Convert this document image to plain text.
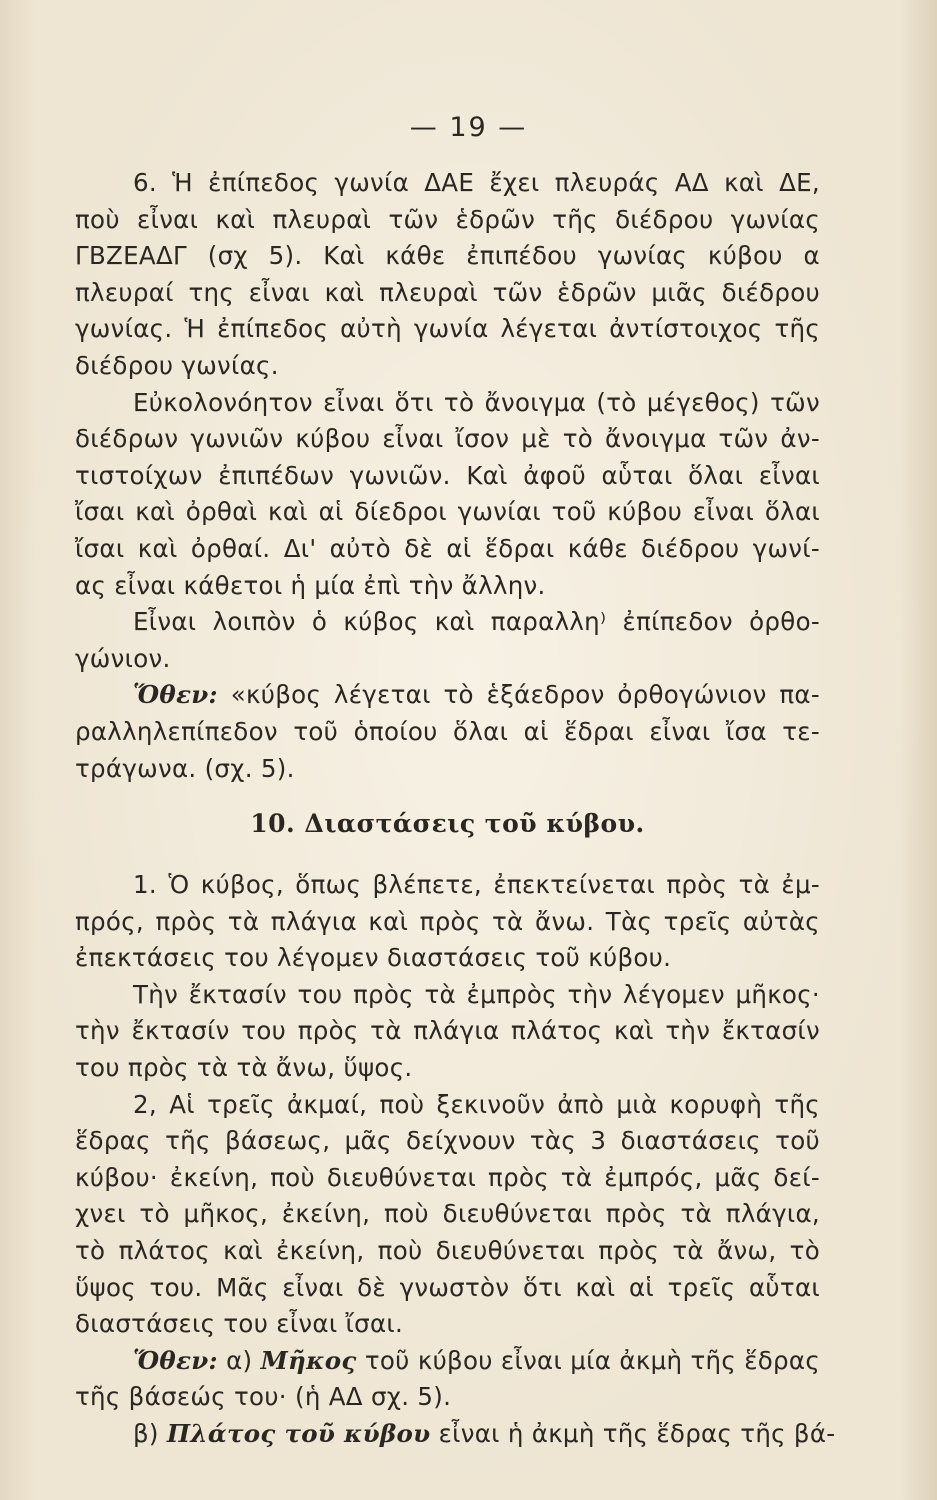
— 19 —
6. Ἡ ἐπίπεδος γωνία ΔΑΕ ἔχει πλευράς ΑΔ καὶ ΔΕ,
ποὺ εἶναι καὶ πλευραὶ τῶν ἑδρῶν τῆς διέδρου γωνίας
ΓΒΖΕΑΔΓ (σχ 5). Καὶ κάθε ἐπιπέδου γωνίας κύβου α
πλευραί της εἶναι καὶ πλευραὶ τῶν ἑδρῶν μιᾶς διέδρου
γωνίας. Ἡ ἐπίπεδος αὐτὴ γωνία λέγεται ἀντίστοιχος τῆς
διέδρου γωνίας.
Εὐκολονόητον εἶναι ὅτι τὸ ἄνοιγμα (τὸ μέγεθος) τῶν
διέδρων γωνιῶν κύβου εἶναι ἴσον μὲ τὸ ἄνοιγμα τῶν ἀν-
τιστοίχων ἐπιπέδων γωνιῶν. Καὶ ἀφοῦ αὗται ὅλαι εἶναι
ἴσαι καὶ ὀρθαὶ καὶ αἱ δίεδροι γωνίαι τοῦ κύβου εἶναι ὅλαι
ἴσαι καὶ ὀρθαί. Δι' αὐτὸ δὲ αἱ ἕδραι κάθε διέδρου γωνί-
ας εἶναι κάθετοι ἡ μία ἐπὶ τὴν ἄλλην.
Εἶναι λοιπὸν ὁ κύβος καὶ παραλλη⁾ ἐπίπεδον ὀρθο-
γώνιον.
Ὅθεν: «κύβος λέγεται τὸ ἑξάεδρον ὀρθογώνιον πα-
ραλληλεπίπεδον τοῦ ὁποίου ὅλαι αἱ ἕδραι εἶναι ἴσα τε-
τράγωνα. (σχ. 5).
10. Διαστάσεις τοῦ κύβου.
1. Ὁ κύβος, ὅπως βλέπετε, ἐπεκτείνεται πρὸς τὰ ἐμ-
πρός, πρὸς τὰ πλάγια καὶ πρὸς τὰ ἄνω. Τὰς τρεῖς αὐτὰς
ἐπεκτάσεις του λέγομεν διαστάσεις τοῦ κύβου.
Τὴν ἔκτασίν του πρὸς τὰ ἐμπρὸς τὴν λέγομεν μῆκος·
τὴν ἔκτασίν του πρὸς τὰ πλάγια πλάτος καὶ τὴν ἔκτασίν
του πρὸς τὰ τὰ ἄνω, ὕψος.
2, Αἱ τρεῖς ἀκμαί, ποὺ ξεκινοῦν ἀπὸ μιὰ κορυφὴ τῆς
ἕδρας τῆς βάσεως, μᾶς δείχνουν τὰς 3 διαστάσεις τοῦ
κύβου· ἐκείνη, ποὺ διευθύνεται πρὸς τὰ ἐμπρός, μᾶς δεί-
χνει τὸ μῆκος, ἐκείνη, ποὺ διευθύνεται πρὸς τὰ πλάγια,
τὸ πλάτος καὶ ἐκείνη, ποὺ διευθύνεται πρὸς τὰ ἄνω, τὸ
ὕψος του. Μᾶς εἶναι δὲ γνωστὸν ὅτι καὶ αἱ τρεῖς αὗται
διαστάσεις του εἶναι ἴσαι.
Ὅθεν: α) Μῆκος τοῦ κύβου εἶναι μία ἀκμὴ τῆς ἕδρας
τῆς βάσεώς του· (ἡ ΑΔ σχ. 5).
β) Πλάτος τοῦ κύβου εἶναι ἡ ἀκμὴ τῆς ἕδρας τῆς βά-
